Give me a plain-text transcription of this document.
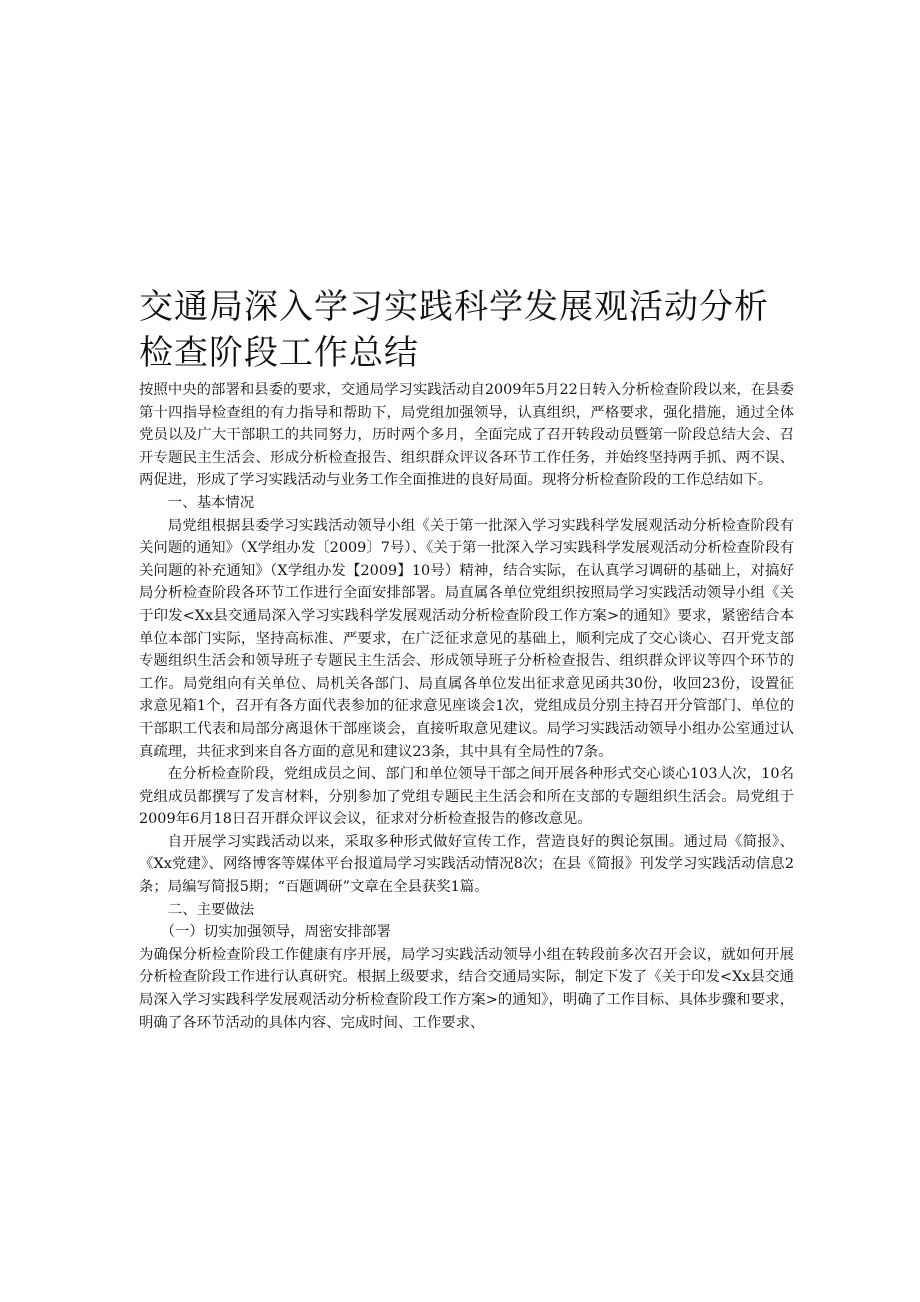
交通局深入学习实践科学发展观活动分析
检查阶段工作总结

按照中央的部署和县委的要求，交通局学习实践活动自2009年5月22日转入分析检查阶段以来，在县委第十四指导检查组的有力指导和帮助下，局党组加强领导，认真组织，严格要求，强化措施，通过全体党员以及广大干部职工的共同努力，历时两个多月，全面完成了召开转段动员暨第一阶段总结大会、召开专题民主生活会、形成分析检查报告、组织群众评议各环节工作任务，并始终坚持两手抓、两不误、两促进，形成了学习实践活动与业务工作全面推进的良好局面。现将分析检查阶段的工作总结如下。

一、基本情况

局党组根据县委学习实践活动领导小组《关于第一批深入学习实践科学发展观活动分析检查阶段有关问题的通知》（X学组办发〔2009〕7号）、《关于第一批深入学习实践科学发展观活动分析检查阶段有关问题的补充通知》（X学组办发【2009】10号）精神，结合实际，在认真学习调研的基础上，对搞好局分析检查阶段各环节工作进行全面安排部署。局直属各单位党组织按照局学习实践活动领导小组《关于印发<Xx县交通局深入学习实践科学发展观活动分析检查阶段工作方案>的通知》要求，紧密结合本单位本部门实际，坚持高标准、严要求，在广泛征求意见的基础上，顺利完成了交心谈心、召开党支部专题组织生活会和领导班子专题民主生活会、形成领导班子分析检查报告、组织群众评议等四个环节的工作。局党组向有关单位、局机关各部门、局直属各单位发出征求意见函共30份，收回23份，设置征求意见箱1个，召开有各方面代表参加的征求意见座谈会1次，党组成员分别主持召开分管部门、单位的干部职工代表和局部分离退休干部座谈会，直接听取意见建议。局学习实践活动领导小组办公室通过认真疏理，共征求到来自各方面的意见和建议23条，其中具有全局性的7条。

在分析检查阶段，党组成员之间、部门和单位领导干部之间开展各种形式交心谈心103人次，10名党组成员都撰写了发言材料，分别参加了党组专题民主生活会和所在支部的专题组织生活会。局党组于2009年6月18日召开群众评议会议，征求对分析检查报告的修改意见。

自开展学习实践活动以来，采取多种形式做好宣传工作，营造良好的舆论氛围。通过局《简报》、《Xx党建》、网络博客等媒体平台报道局学习实践活动情况8次；在县《简报》刊发学习实践活动信息2条；局编写简报5期；“百题调研”文章在全县获奖1篇。

二、主要做法

（一）切实加强领导，周密安排部署

为确保分析检查阶段工作健康有序开展，局学习实践活动领导小组在转段前多次召开会议，就如何开展分析检查阶段工作进行认真研究。根据上级要求，结合交通局实际，制定下发了《关于印发<Xx县交通局深入学习实践科学发展观活动分析检查阶段工作方案>的通知》，明确了工作目标、具体步骤和要求，明确了各环节活动的具体内容、完成时间、工作要求、
